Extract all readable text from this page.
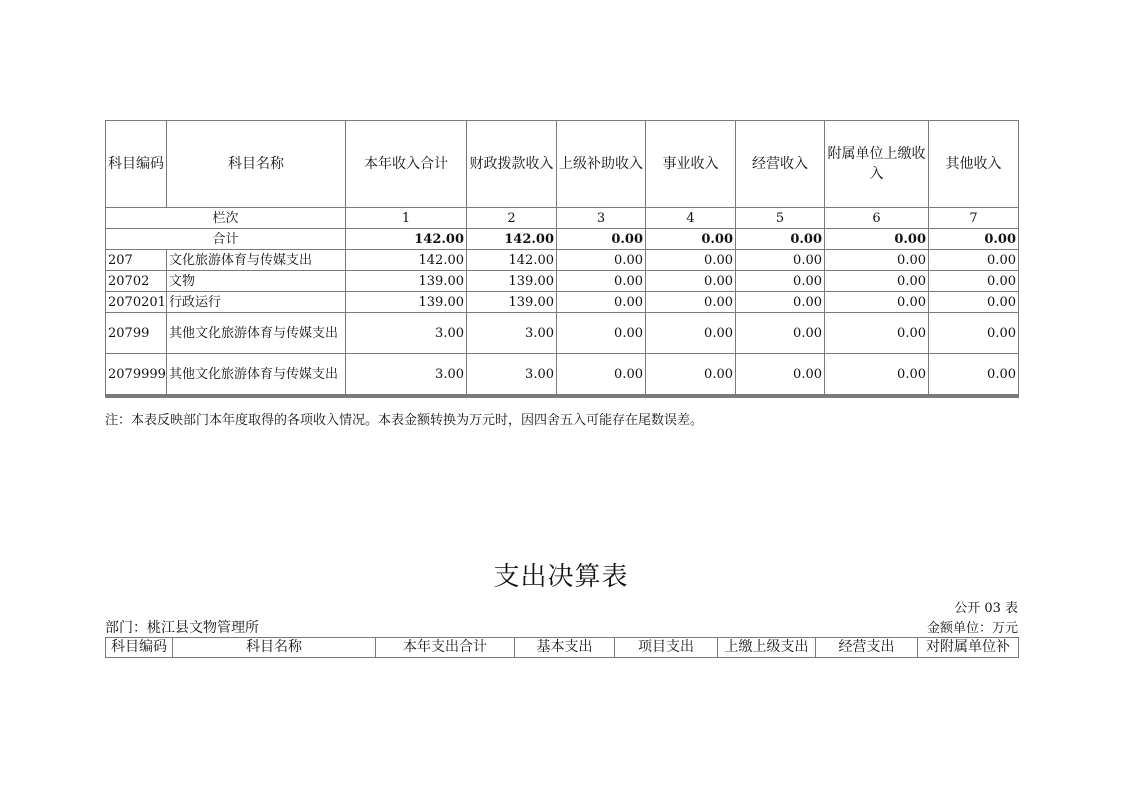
科目编码	科目名称	本年收入合计	财政拨款收入	上级补助收入	事业收入	经营收入	附属单位上缴收入	其他收入
栏次		1	2	3	4	5	6	7
合计		142.00	142.00	0.00	0.00	0.00	0.00	0.00
207	文化旅游体育与传媒支出	142.00	142.00	0.00	0.00	0.00	0.00	0.00
20702	文物	139.00	139.00	0.00	0.00	0.00	0.00	0.00
2070201	行政运行	139.00	139.00	0.00	0.00	0.00	0.00	0.00
20799	其他文化旅游体育与传媒支出	3.00	3.00	0.00	0.00	0.00	0.00	0.00
2079999	其他文化旅游体育与传媒支出	3.00	3.00	0.00	0.00	0.00	0.00	0.00
注：本表反映部门本年度取得的各项收入情况。本表金额转换为万元时，因四舍五入可能存在尾数误差。
支出决算表
公开 03 表
部门：桃江县文物管理所	金额单位：万元
科目编码	科目名称	本年支出合计	基本支出	项目支出	上缴上级支出	经营支出	对附属单位补
